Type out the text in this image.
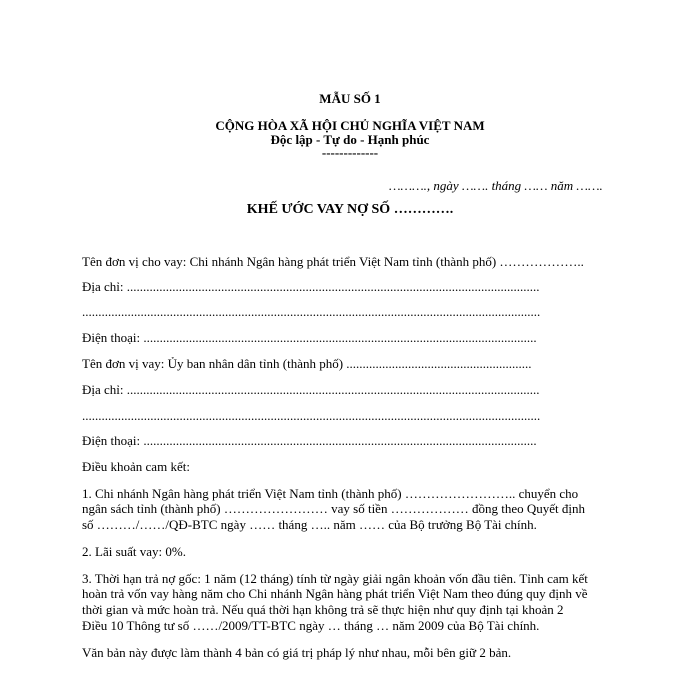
MẪU SỐ 1
CỘNG HÒA XÃ HỘI CHỦ NGHĨA VIỆT NAM
Độc lập - Tự do - Hạnh phúc
-------------
………., ngày ……. tháng …… năm …….
KHẾ ƯỚC VAY NỢ SỐ ………….
Tên đơn vị cho vay: Chi nhánh Ngân hàng phát triển Việt Nam tỉnh (thành phố) ………………..
Địa chỉ: ...............................................................................................................................
.............................................................................................................................................
Điện thoại: .........................................................................................................................
Tên đơn vị vay: Ủy ban nhân dân tỉnh (thành phố) .........................................................
Địa chỉ: ...............................................................................................................................
.............................................................................................................................................
Điện thoại: .........................................................................................................................
Điều khoản cam kết:
1. Chi nhánh Ngân hàng phát triển Việt Nam tỉnh (thành phố) …………………….. chuyển cho
ngân sách tỉnh (thành phố) …………………… vay số tiền ……………… đồng theo Quyết định
số ………/……/QĐ-BTC ngày …… tháng ….. năm …… của Bộ trưởng Bộ Tài chính.
2. Lãi suất vay: 0%.
3. Thời hạn trả nợ gốc: 1 năm (12 tháng) tính từ ngày giải ngân khoản vốn đầu tiên. Tỉnh cam kết
hoàn trả vốn vay hàng năm cho Chi nhánh Ngân hàng phát triển Việt Nam theo đúng quy định về
thời gian và mức hoàn trả. Nếu quá thời hạn không trả sẽ thực hiện như quy định tại khoản 2
Điều 10 Thông tư số ……/2009/TT-BTC ngày … tháng … năm 2009 của Bộ Tài chính.
Văn bản này được làm thành 4 bản có giá trị pháp lý như nhau, mỗi bên giữ 2 bản.
